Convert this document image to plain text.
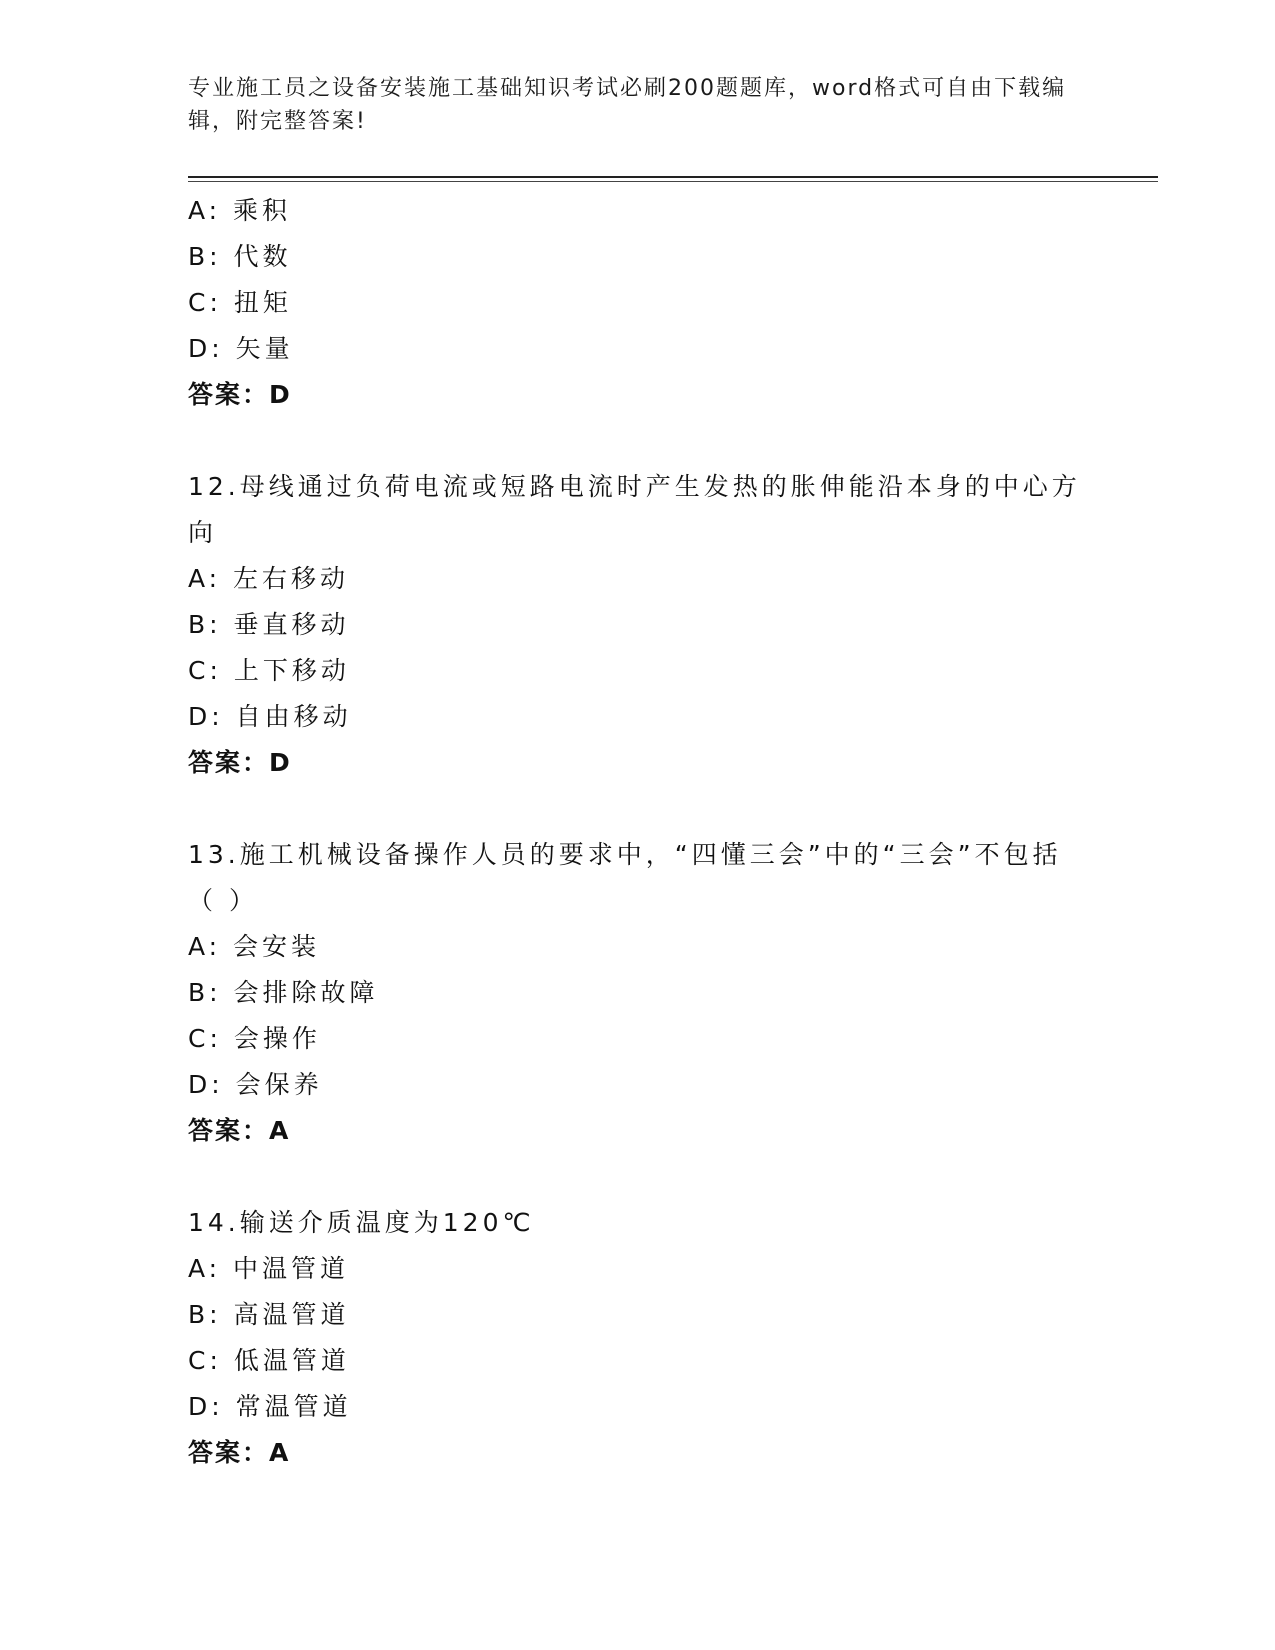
专业施工员之设备安装施工基础知识考试必刷200题题库，word格式可自由下载编辑，附完整答案!
A: 乘积
B: 代数
C: 扭矩
D: 矢量
答案：D
12.母线通过负荷电流或短路电流时产生发热的胀伸能沿本身的中心方向
A: 左右移动
B: 垂直移动
C: 上下移动
D: 自由移动
答案：D
13.施工机械设备操作人员的要求中，“四懂三会”中的“三会”不包括（ ）
A: 会安装
B: 会排除故障
C: 会操作
D: 会保养
答案：A
14.输送介质温度为120℃
A: 中温管道
B: 高温管道
C: 低温管道
D: 常温管道
答案：A
